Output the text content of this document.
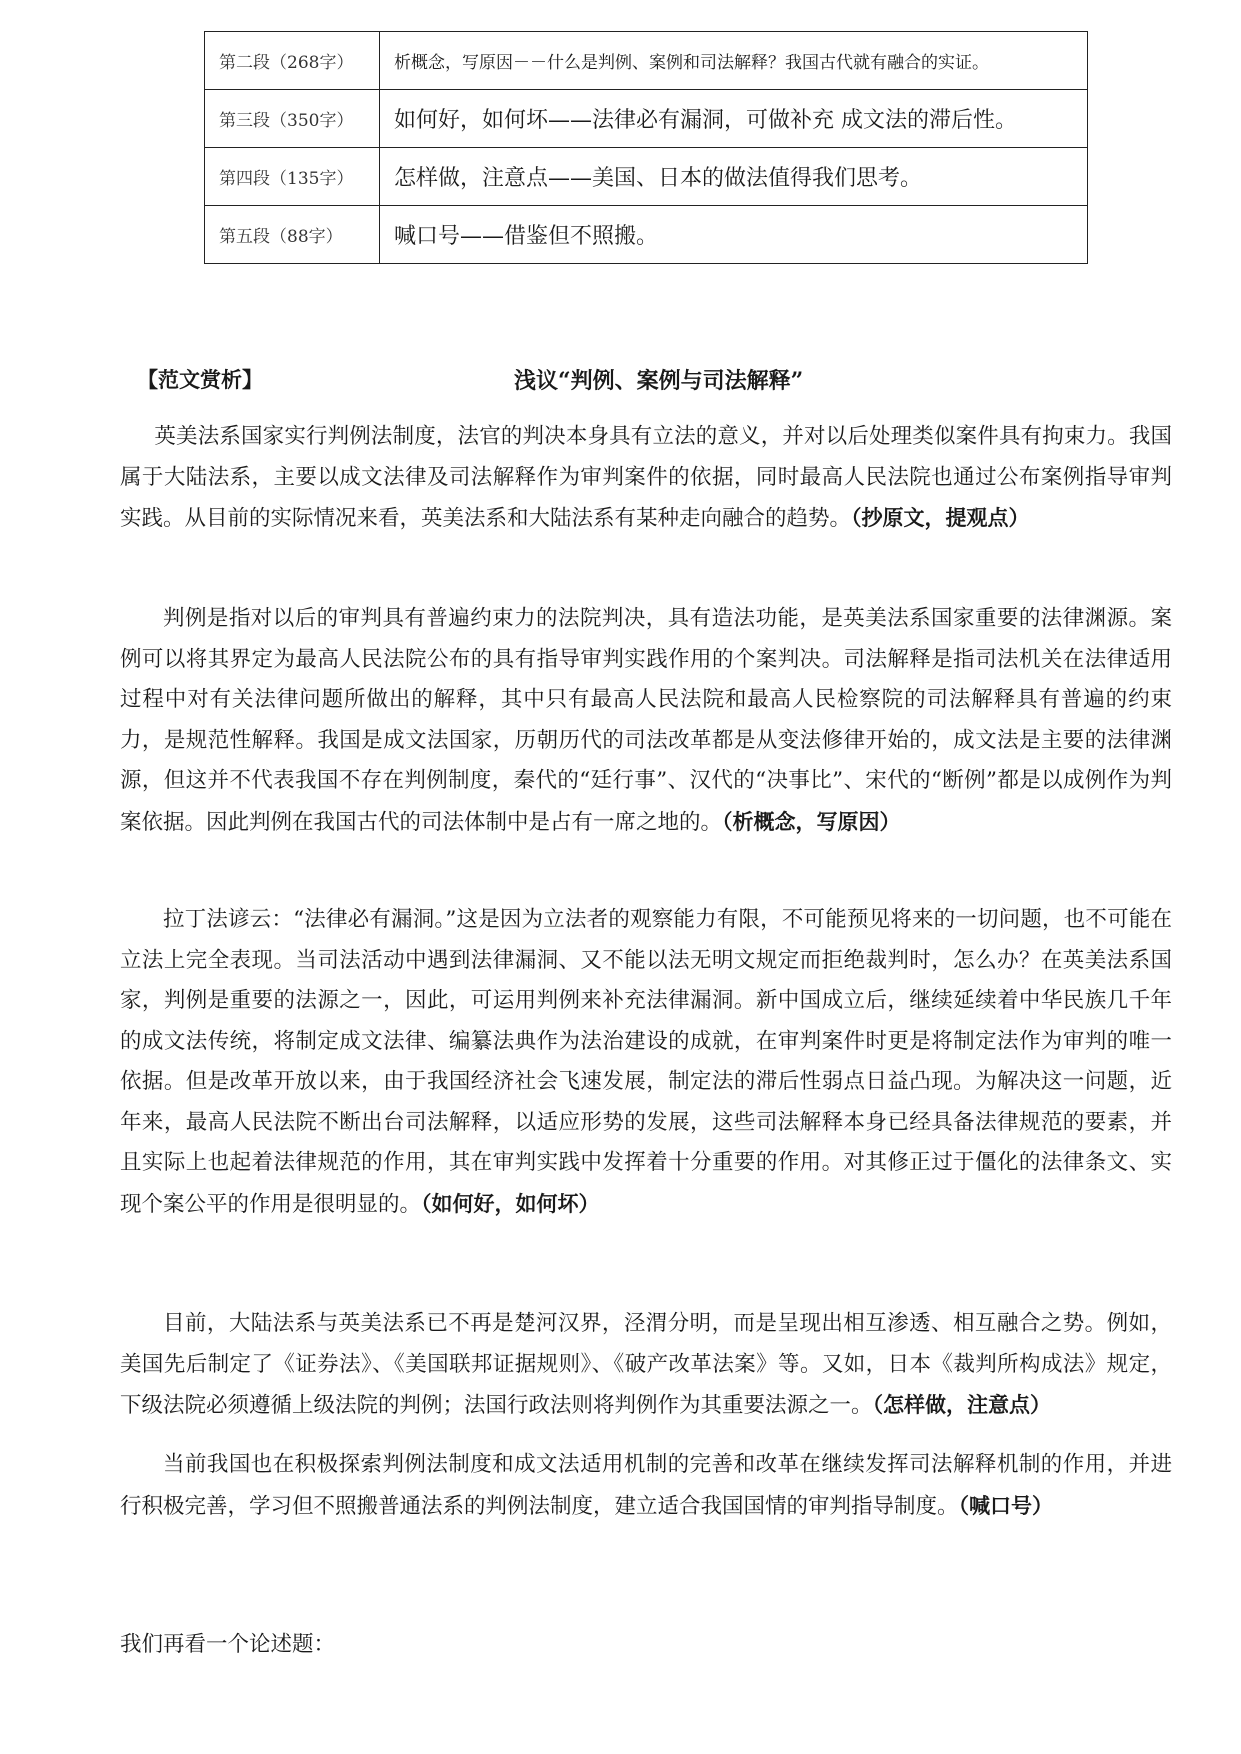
第二段（268字）	析概念，写原因－－什么是判例、案例和司法解释？我国古代就有融合的实证。
第三段（350字）	如何好，如何坏——法律必有漏洞，可做补充 成文法的滞后性。
第四段（135字）	怎样做，注意点——美国、日本的做法值得我们思考。
第五段（88字）	喊口号——借鉴但不照搬。
【范文赏析】	浅议“判例、案例与司法解释”

英美法系国家实行判例法制度，法官的判决本身具有立法的意义，并对以后处理类似案件具有拘束力。我国属于大陆法系，主要以成文法律及司法解释作为审判案件的依据，同时最高人民法院也通过公布案例指导审判实践。从目前的实际情况来看，英美法系和大陆法系有某种走向融合的趋势。（抄原文，提观点）

判例是指对以后的审判具有普遍约束力的法院判决，具有造法功能，是英美法系国家重要的法律渊源。案例可以将其界定为最高人民法院公布的具有指导审判实践作用的个案判决。司法解释是指司法机关在法律适用过程中对有关法律问题所做出的解释，其中只有最高人民法院和最高人民检察院的司法解释具有普遍的约束力，是规范性解释。我国是成文法国家，历朝历代的司法改革都是从变法修律开始的，成文法是主要的法律渊源，但这并不代表我国不存在判例制度，秦代的“廷行事”、汉代的“决事比”、宋代的“断例”都是以成例作为判案依据。因此判例在我国古代的司法体制中是占有一席之地的。（析概念，写原因）

拉丁法谚云：“法律必有漏洞。”这是因为立法者的观察能力有限，不可能预见将来的一切问题，也不可能在立法上完全表现。当司法活动中遇到法律漏洞、又不能以法无明文规定而拒绝裁判时，怎么办？在英美法系国家，判例是重要的法源之一，因此，可运用判例来补充法律漏洞。新中国成立后，继续延续着中华民族几千年的成文法传统，将制定成文法律、编纂法典作为法治建设的成就，在审判案件时更是将制定法作为审判的唯一依据。但是改革开放以来，由于我国经济社会飞速发展，制定法的滞后性弱点日益凸现。为解决这一问题，近年来，最高人民法院不断出台司法解释，以适应形势的发展，这些司法解释本身已经具备法律规范的要素，并且实际上也起着法律规范的作用，其在审判实践中发挥着十分重要的作用。对其修正过于僵化的法律条文、实现个案公平的作用是很明显的。（如何好，如何坏）

目前，大陆法系与英美法系已不再是楚河汉界，泾渭分明，而是呈现出相互渗透、相互融合之势。例如，美国先后制定了《证券法》、《美国联邦证据规则》、《破产改革法案》等。又如，日本《裁判所构成法》规定，下级法院必须遵循上级法院的判例；法国行政法则将判例作为其重要法源之一。（怎样做，注意点）

当前我国也在积极探索判例法制度和成文法适用机制的完善和改革在继续发挥司法解释机制的作用，并进行积极完善，学习但不照搬普通法系的判例法制度，建立适合我国国情的审判指导制度。（喊口号）

我们再看一个论述题：
